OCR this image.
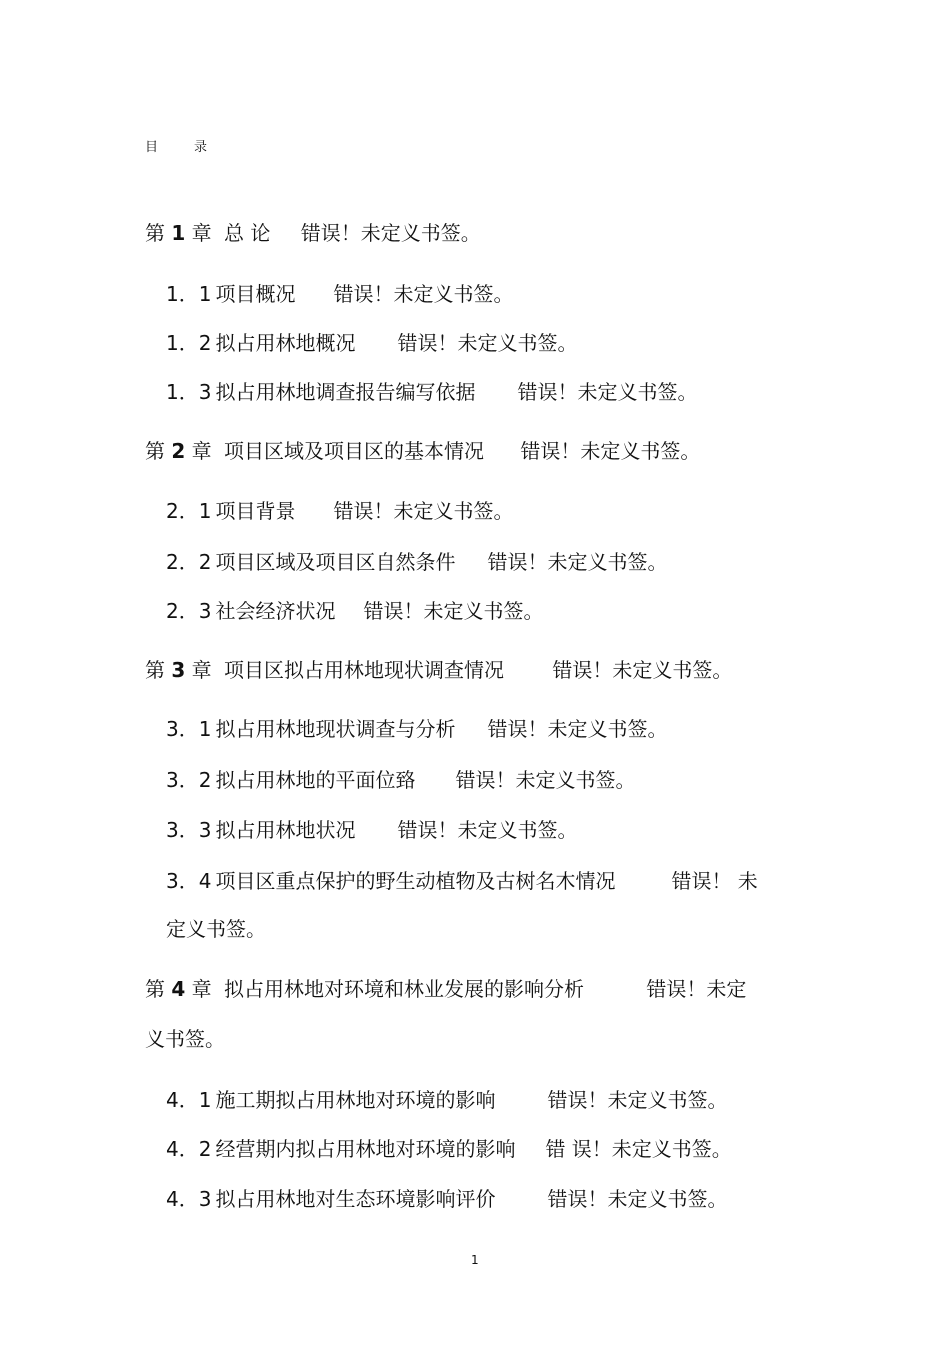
目	录
第 1 章 总 论 错误！未定义书签。
1．1 项目概况 错误！未定义书签。
1．2 拟占用林地概况 错误！未定义书签。
1．3 拟占用林地调查报告编写依据 错误！未定义书签。
第 2 章 项目区域及项目区的基本情况 错误！未定义书签。
2．1 项目背景 错误！未定义书签。
2．2 项目区域及项目区自然条件 错误！未定义书签。
2．3 社会经济状况 错误！未定义书签。
第 3 章 项目区拟占用林地现状调查情况 错误！未定义书签。
3．1 拟占用林地现状调查与分析 错误！未定义书签。
3．2 拟占用林地的平面位臵 错误！未定义书签。
3．3 拟占用林地状况 错误！未定义书签。
3．4 项目区重点保护的野生动植物及古树名木情况	错误！ 未
定义书签。
第 4 章 拟占用林地对环境和林业发展的影响分析	错误！未定
义书签。
4．1 施工期拟占用林地对环境的影响	错误！未定义书签。
4．2 经营期内拟占用林地对环境的影响 错 误！未定义书签。
4．3 拟占用林地对生态环境影响评价	错误！未定义书签。
1
